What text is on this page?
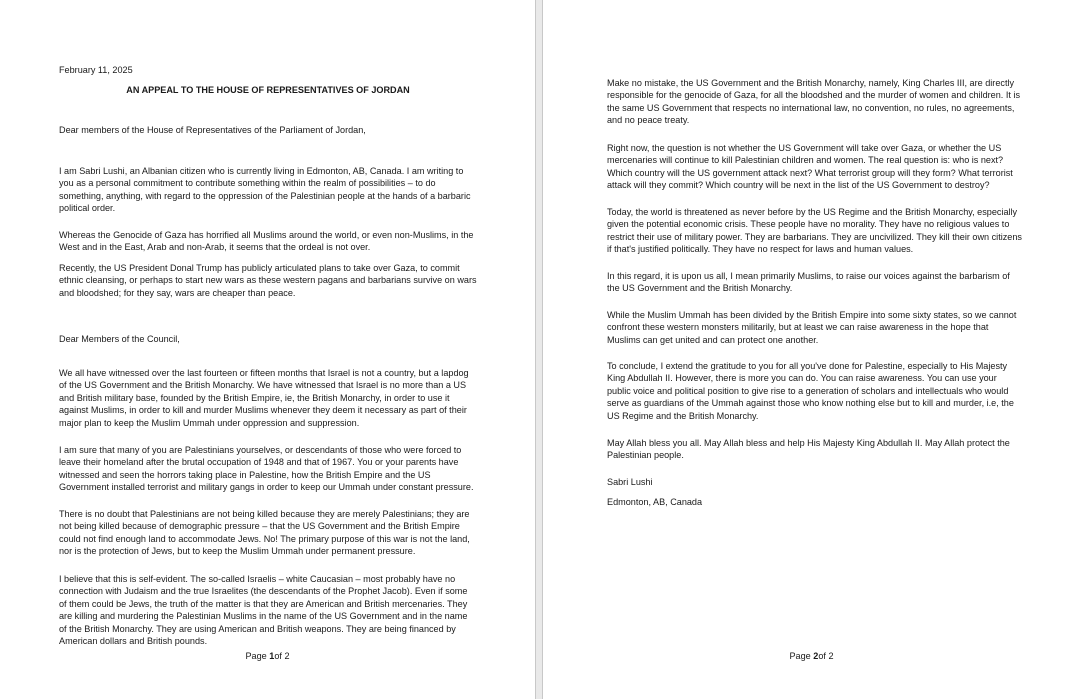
February 11, 2025
AN APPEAL TO THE HOUSE OF REPRESENTATIVES OF JORDAN

Dear members of the House of Representatives of the Parliament of Jordan,

I am Sabri Lushi, an Albanian citizen who is currently living in Edmonton, AB, Canada. I am writing to you as a personal commitment to contribute something within the realm of possibilities – to do something, anything, with regard to the oppression of the Palestinian people at the hands of a barbaric political order.

Whereas the Genocide of Gaza has horrified all Muslims around the world, or even non-Muslims, in the West and in the East, Arab and non-Arab, it seems that the ordeal is not over.

Recently, the US President Donal Trump has publicly articulated plans to take over Gaza, to commit ethnic cleansing, or perhaps to start new wars as these western pagans and barbarians survive on wars and bloodshed; for they say, wars are cheaper than peace.

Dear Members of the Council,

We all have witnessed over the last fourteen or fifteen months that Israel is not a country, but a lapdog of the US Government and the British Monarchy. We have witnessed that Israel is no more than a US and British military base, founded by the British Empire, ie, the British Monarchy, in order to use it against Muslims, in order to kill and murder Muslims whenever they deem it necessary as part of their major plan to keep the Muslim Ummah under oppression and suppression.

I am sure that many of you are Palestinians yourselves, or descendants of those who were forced to leave their homeland after the brutal occupation of 1948 and that of 1967. You or your parents have witnessed and seen the horrors taking place in Palestine, how the British Empire and the US Government installed terrorist and military gangs in order to keep our Ummah under constant pressure.

There is no doubt that Palestinians are not being killed because they are merely Palestinians; they are not being killed because of demographic pressure – that the US Government and the British Empire could not find enough land to accommodate Jews. No! The primary purpose of this war is not the land, nor is the protection of Jews, but to keep the Muslim Ummah under permanent pressure.

I believe that this is self-evident. The so-called Israelis – white Caucasian – most probably have no connection with Judaism and the true Israelites (the descendants of the Prophet Jacob). Even if some of them could be Jews, the truth of the matter is that they are American and British mercenaries. They are killing and murdering the Palestinian Muslims in the name of the US Government and in the name of the British Monarchy. They are using American and British weapons. They are being financed by American dollars and British pounds.

Page 1of 2

Make no mistake, the US Government and the British Monarchy, namely, King Charles III, are directly responsible for the genocide of Gaza, for all the bloodshed and the murder of women and children. It is the same US Government that respects no international law, no convention, no rules, no agreements, and no peace treaty.

Right now, the question is not whether the US Government will take over Gaza, or whether the US mercenaries will continue to kill Palestinian children and women. The real question is: who is next? Which country will the US government attack next? What terrorist group will they form? What terrorist attack will they commit? Which country will be next in the list of the US Government to destroy?

Today, the world is threatened as never before by the US Regime and the British Monarchy, especially given the potential economic crisis. These people have no morality. They have no religious values to restrict their use of military power. They are barbarians. They are uncivilized. They kill their own citizens if that's justified politically. They have no respect for laws and human values.

In this regard, it is upon us all, I mean primarily Muslims, to raise our voices against the barbarism of the US Government and the British Monarchy.

While the Muslim Ummah has been divided by the British Empire into some sixty states, so we cannot confront these western monsters militarily, but at least we can raise awareness in the hope that Muslims can get united and can protect one another.

To conclude, I extend the gratitude to you for all you've done for Palestine, especially to His Majesty King Abdullah II. However, there is more you can do. You can raise awareness. You can use your public voice and political position to give rise to a generation of scholars and intellectuals who would serve as guardians of the Ummah against those who know nothing else but to kill and murder, i.e, the US Regime and the British Monarchy.

May Allah bless you all. May Allah bless and help His Majesty King Abdullah II. May Allah protect the Palestinian people.

Sabri Lushi

Edmonton, AB, Canada

Page 2of 2
